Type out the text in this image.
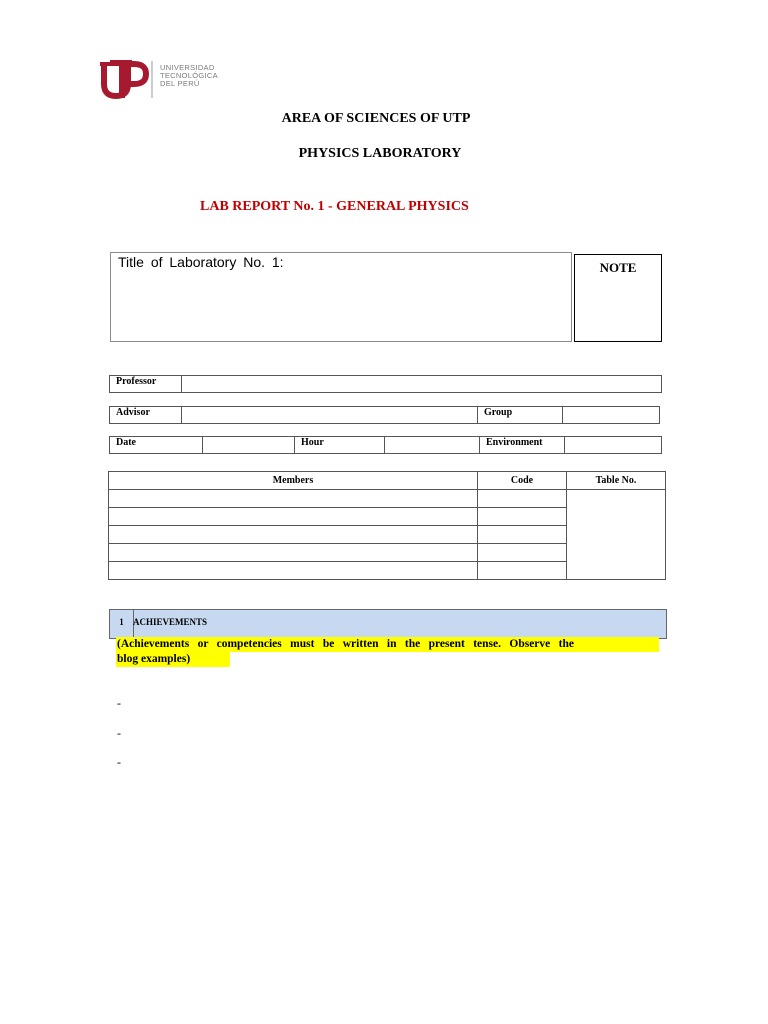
UNIVERSIDAD
TECNOLÓGICA
DEL PERÚ
AREA OF SCIENCES OF UTP
PHYSICS LABORATORY
LAB REPORT No. 1 - GENERAL PHYSICS
Title of Laboratory No. 1:	NOTE
Professor	
Advisor		Group	
Date		Hour		Environment	
Members	Code	Table No.

1	ACHIEVEMENTS
(Achievements or competencies must be written in the present tense. Observe the
blog examples)
-
-
-
